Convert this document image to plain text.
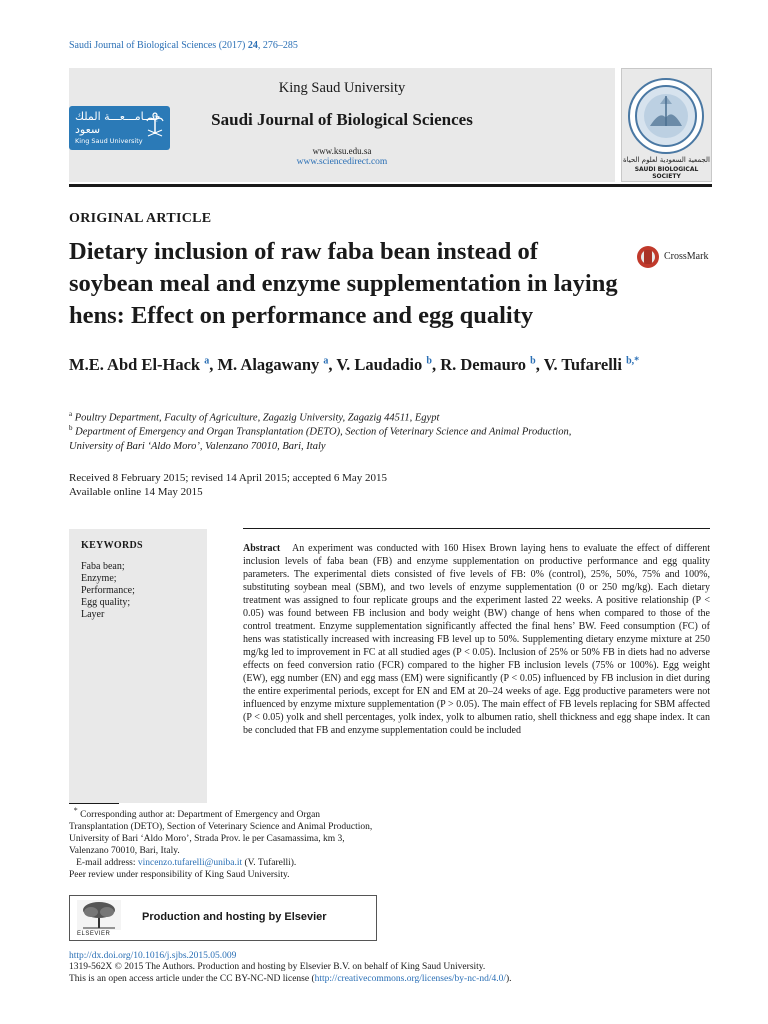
Saudi Journal of Biological Sciences (2017) 24, 276–285
جـــامـــعـــة الملك سعود
King Saud University
King Saud University
Saudi Journal of Biological Sciences
www.ksu.edu.sa
www.sciencedirect.com	الجمعية السعودية لعلوم الحياة
SAUDI BIOLOGICAL SOCIETY
ORIGINAL ARTICLE
Dietary inclusion of raw faba bean instead of
soybean meal and enzyme supplementation in laying
hens: Effect on performance and egg quality
CrossMark
M.E. Abd El-Hack $^a$, M. Alagawany $^a$, V. Laudadio $^b$, R. Demauro $^b$, V. Tufarelli $^{b,*}$
$^a$ Poultry Department, Faculty of Agriculture, Zagazig University, Zagazig 44511, Egypt
$^b$ Department of Emergency and Organ Transplantation (DETO), Section of Veterinary Science and Animal Production,
University of Bari ‘Aldo Moro’, Valenzano 70010, Bari, Italy
Received 8 February 2015; revised 14 April 2015; accepted 6 May 2015
Available online 14 May 2015
KEYWORDS
Faba bean;
Enzyme;
Performance;
Egg quality;
Layer
Abstract An experiment was conducted with 160 Hisex Brown laying hens to evaluate the effect of different inclusion levels of faba bean (FB) and enzyme supplementation on productive performance and egg quality parameters. The experimental diets consisted of five levels of FB: 0% (control), 25%, 50%, 75% and 100%, substituting soybean meal (SBM), and two levels of enzyme supplementation (0 or 250 mg/kg). Each dietary treatment was assigned to four replicate groups and the experiment lasted 22 weeks. A positive relationship (P < 0.05) was found between FB inclusion and body weight (BW) change of hens when compared to those of the control treatment. Enzyme supplementation significantly affected the final hens’ BW. Feed consumption (FC) of hens was statistically increased with increasing FB level up to 50%. Supplementing dietary enzyme mixture at 250 mg/kg led to improvement in FC at all studied ages (P < 0.05). Inclusion of 25% or 50% FB in diets had no adverse effects on feed conversion ratio (FCR) compared to the higher FB inclusion levels (75% or 100%). Egg weight (EW), egg number (EN) and egg mass (EM) were significantly (P < 0.05) influenced by FB inclusion in diet during the entire experimental periods, except for EN and EM at 20–24 weeks of age. Egg productive parameters were not influenced by enzyme mixture supplementation (P > 0.05). The main effect of FB levels replacing for SBM affected (P < 0.05) yolk and shell percentages, yolk index, yolk to albumen ratio, shell thickness and egg shape index. It can be concluded that FB and enzyme supplementation could be included
* Corresponding author at: Department of Emergency and Organ Transplantation (DETO), Section of Veterinary Science and Animal Production, University of Bari ‘Aldo Moro’, Strada Prov. le per Casamassima, km 3, Valenzano 70010, Bari, Italy.
E-mail address: vincenzo.tufarelli@uniba.it (V. Tufarelli).
Peer review under responsibility of King Saud University.
ELSEVIER
Production and hosting by Elsevier
http://dx.doi.org/10.1016/j.sjbs.2015.05.009
1319-562X © 2015 The Authors. Production and hosting by Elsevier B.V. on behalf of King Saud University.
This is an open access article under the CC BY-NC-ND license (http://creativecommons.org/licenses/by-nc-nd/4.0/).
